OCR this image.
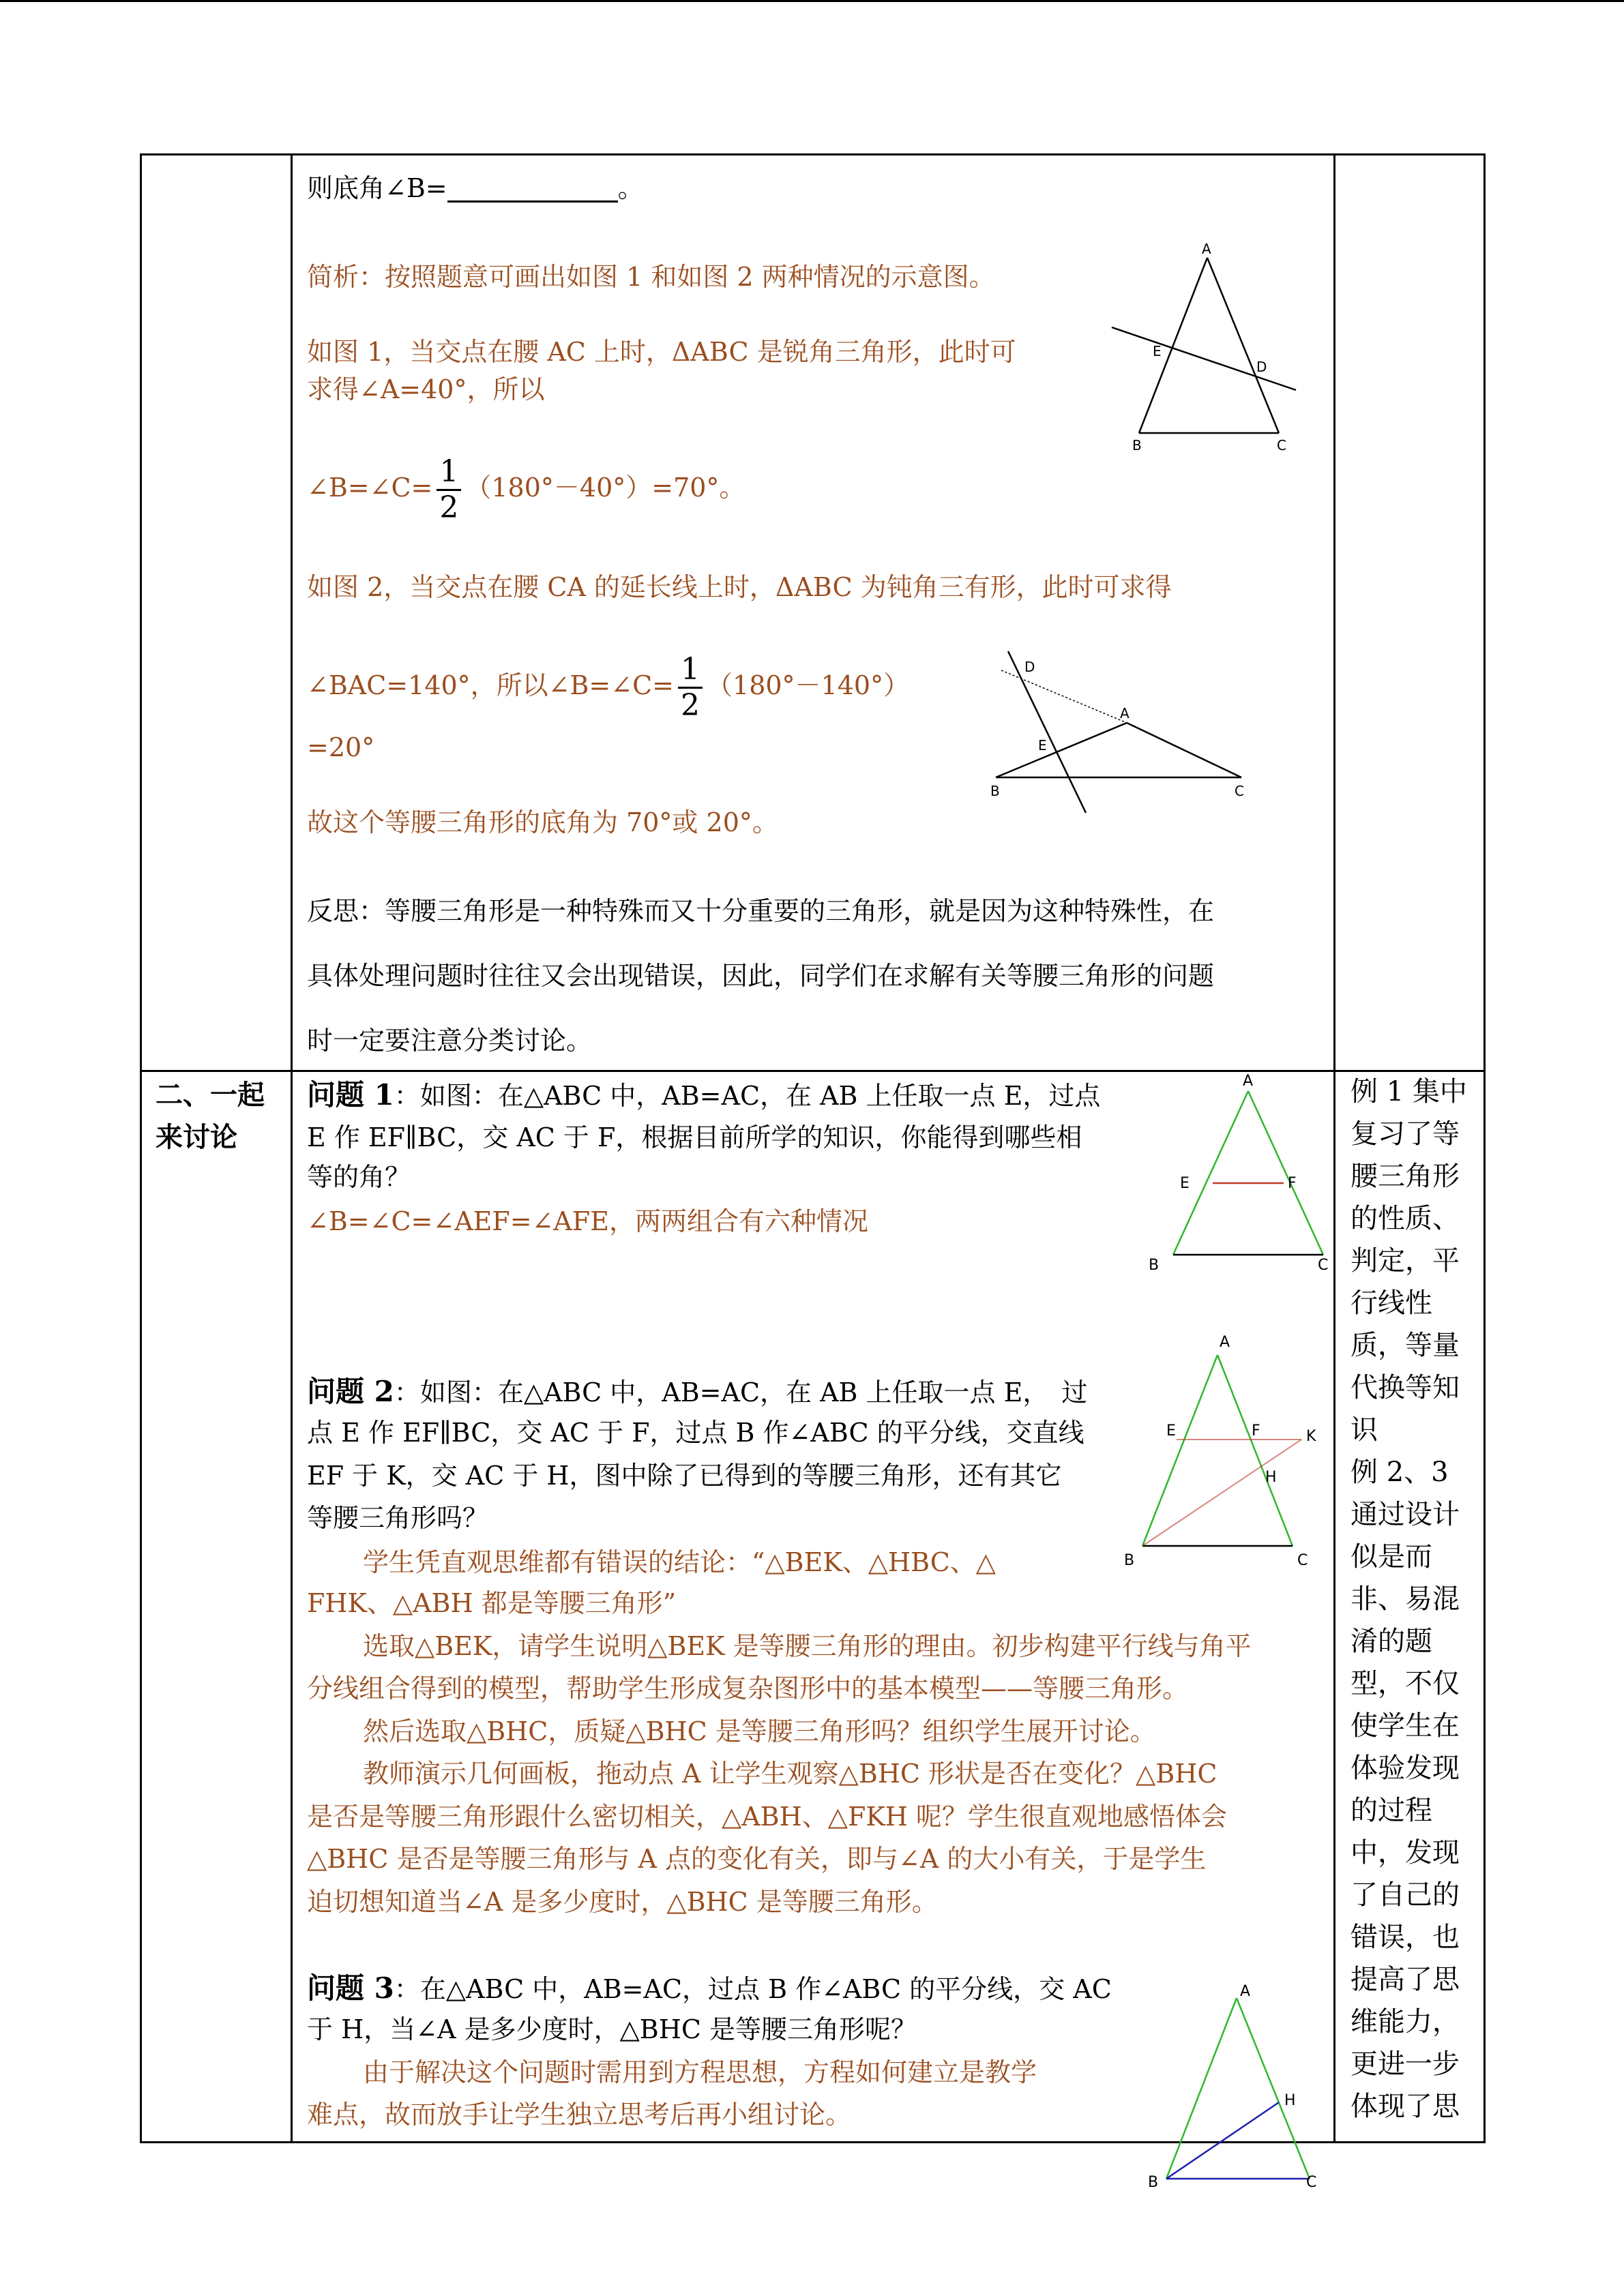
则底角∠B=	。
简析：按照题意可画出如图 1 和如图 2 两种情况的示意图。
如图 1，当交点在腰 AC 上时，ΔABC 是锐角三角形，此时可
求得∠A=40°，所以
∠B=∠C= $\frac{1}{2} (180^\circ-40^\circ)=70^\circ$。
如图 2，当交点在腰 CA 的延长线上时，ΔABC 为钝角三有形，此时可求得
∠BAC=140°，所以∠B=∠C= $\frac{1}{2} (180^\circ-140^\circ)$
=20°
故这个等腰三角形的底角为 70°或 20°。
反思：等腰三角形是一种特殊而又十分重要的三角形，就是因为这种特殊性，在
具体处理问题时往往又会出现错误，因此，同学们在求解有关等腰三角形的问题
时一定要注意分类讨论。
A
B	C
D
E
D
A
E
B	C
二、一起
来讨论
问题 1：如图：在△ABC 中，AB=AC，在 AB 上任取一点 E，过点
E 作 EF∥BC，交 AC 于 F，根据目前所学的知识，你能得到哪些相
等的角？
∠B=∠C=∠AEF=∠AFE，两两组合有六种情况
A
E	F
B	C
问题 2：如图：在△ABC 中，AB=AC，在 AB 上任取一点 E，　过
点 E 作 EF∥BC，交 AC 于 F，过点 B 作∠ABC 的平分线，交直线
EF 于 K，交 AC 于 H，图中除了已得到的等腰三角形，还有其它
等腰三角形吗？
学生凭直观思维都有错误的结论：“△BEK、△HBC、△
FHK、△ABH 都是等腰三角形”
选取△BEK，请学生说明△BEK 是等腰三角形的理由。初步构建平行线与角平
分线组合得到的模型，帮助学生形成复杂图形中的基本模型——等腰三角形。
然后选取△BHC，质疑△BHC 是等腰三角形吗？组织学生展开讨论。
教师演示几何画板，拖动点 A 让学生观察△BHC 形状是否在变化？△BHC
是否是等腰三角形跟什么密切相关，△ABH、△FKH 呢？学生很直观地感悟体会
△BHC 是否是等腰三角形与 A 点的变化有关，即与∠A 的大小有关，于是学生
迫切想知道当∠A 是多少度时，△BHC 是等腰三角形。
A
E	F	K
H
B	C
问题 3：在△ABC 中，AB=AC，过点 B 作∠ABC 的平分线，交 AC
于 H，当∠A 是多少度时，△BHC 是等腰三角形呢？
由于解决这个问题时需用到方程思想，方程如何建立是教学
难点，故而放手让学生独立思考后再小组讨论。
A
H
B	C
例 1 集中
复习了等
腰三角形
的性质、
判定，平
行线性
质，等量
代换等知
识
例 2、3
通过设计
似是而
非、易混
淆的题
型，不仅
使学生在
体验发现
的过程
中，发现
了自己的
错误，也
提高了思
维能力，
更进一步
体现了思
